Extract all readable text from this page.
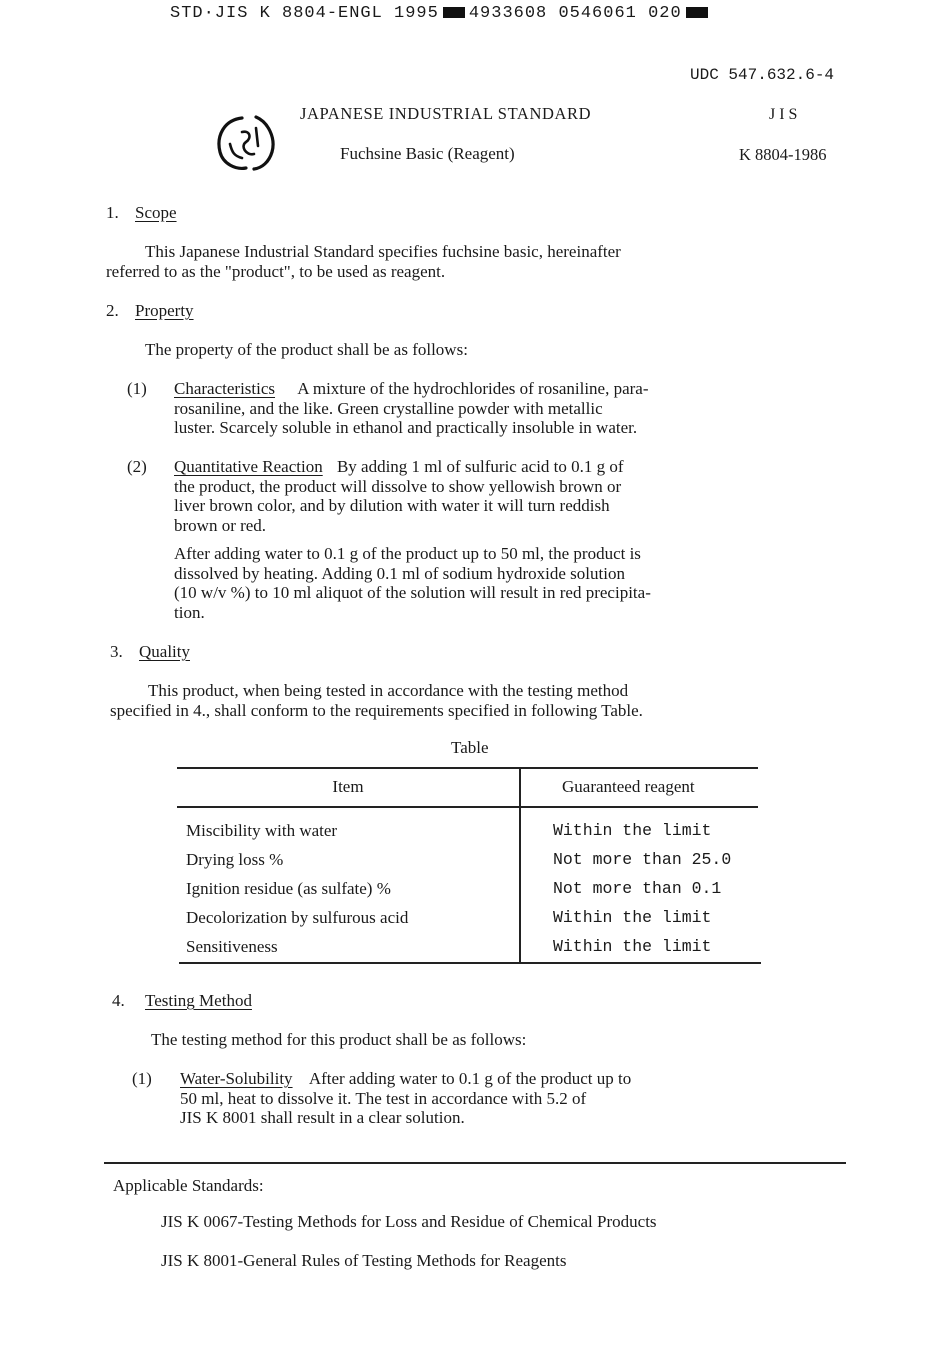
STD·JIS K 8804-ENGL 1995 4933608 0546061 020
UDC 547.632.6-4
JAPANESE INDUSTRIAL STANDARD
Fuchsine Basic (Reagent)
J I S
K 8804-1986
1. Scope
This Japanese Industrial Standard specifies fuchsine basic, hereinafter
referred to as the "product", to be used as reagent.
2. Property
The property of the product shall be as follows:
(1) Characteristics A mixture of the hydrochlorides of rosaniline, para-
rosaniline, and the like. Green crystalline powder with metallic
luster. Scarcely soluble in ethanol and practically insoluble in water.
(2) Quantitative Reaction By adding 1 ml of sulfuric acid to 0.1 g of
the product, the product will dissolve to show yellowish brown or
liver brown color, and by dilution with water it will turn reddish
brown or red.
After adding water to 0.1 g of the product up to 50 ml, the product is
dissolved by heating. Adding 0.1 ml of sodium hydroxide solution
(10 w/v %) to 10 ml aliquot of the solution will result in red precipita-
tion.
3. Quality
This product, when being tested in accordance with the testing method
specified in 4., shall conform to the requirements specified in following Table.
Table
Item	Guaranteed reagent
Miscibility with water
Drying loss %
Ignition residue (as sulfate) %
Decolorization by sulfurous acid
Sensitiveness
Within the limit
Not more than 25.0
Not more than 0.1
Within the limit
Within the limit
4. Testing Method
The testing method for this product shall be as follows:
(1) Water-Solubility After adding water to 0.1 g of the product up to
50 ml, heat to dissolve it. The test in accordance with 5.2 of
JIS K 8001 shall result in a clear solution.
Applicable Standards:
JIS K 0067-Testing Methods for Loss and Residue of Chemical Products
JIS K 8001-General Rules of Testing Methods for Reagents
